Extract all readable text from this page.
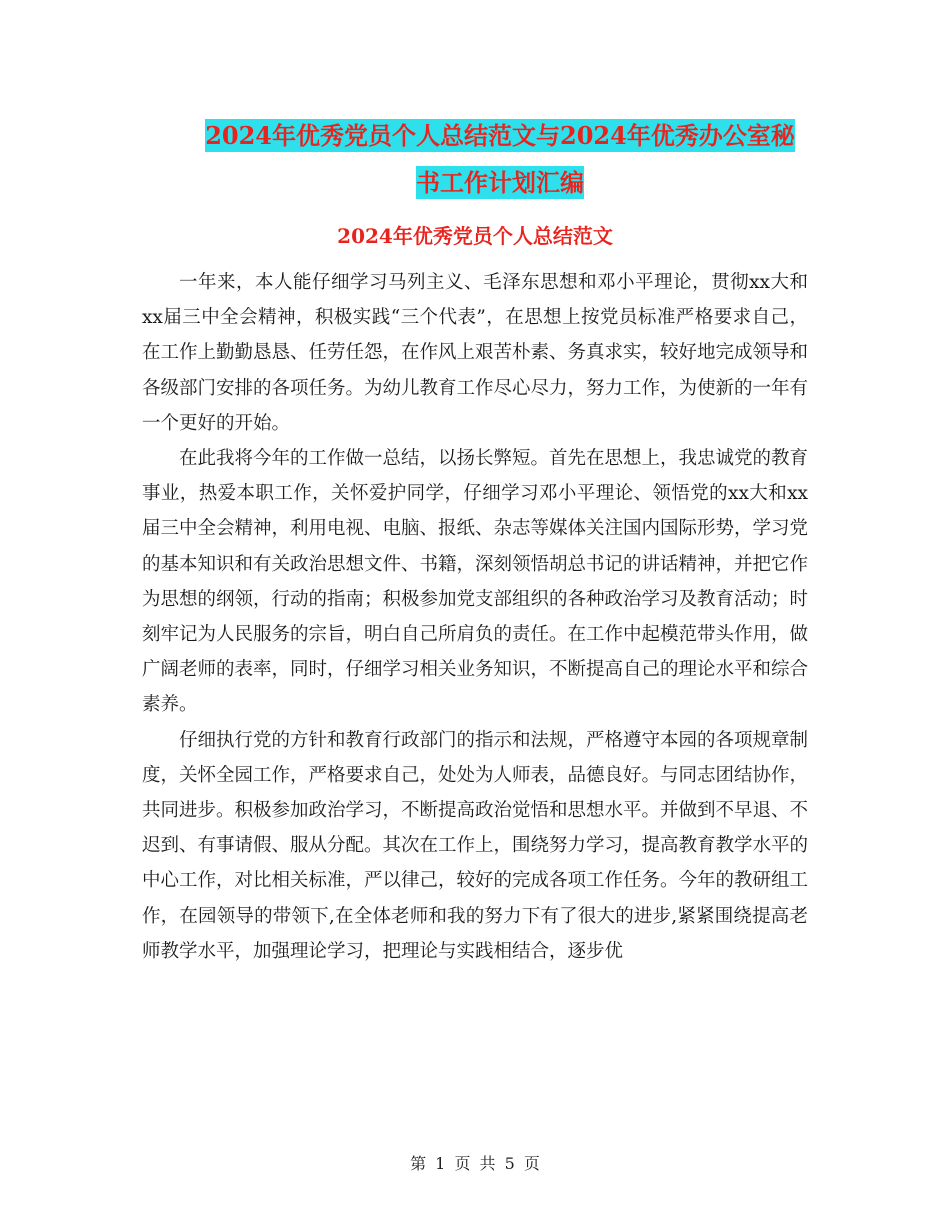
2024年优秀党员个人总结范文与2024年优秀办公室秘
书工作计划汇编
2024年优秀党员个人总结范文

一年来，本人能仔细学习马列主义、毛泽东思想和邓小平理论，贯彻xx大和xx届三中全会精神，积极实践“三个代表”，在思想上按党员标准严格要求自己，在工作上勤勤恳恳、任劳任怨，在作风上艰苦朴素、务真求实，较好地完成领导和各级部门安排的各项任务。为幼儿教育工作尽心尽力，努力工作，为使新的一年有一个更好的开始。

在此我将今年的工作做一总结，以扬长弊短。首先在思想上，我忠诚党的教育事业，热爱本职工作，关怀爱护同学，仔细学习邓小平理论、领悟党的xx大和xx届三中全会精神，利用电视、电脑、报纸、杂志等媒体关注国内国际形势，学习党的基本知识和有关政治思想文件、书籍，深刻领悟胡总书记的讲话精神，并把它作为思想的纲领，行动的指南；积极参加党支部组织的各种政治学习及教育活动；时刻牢记为人民服务的宗旨，明白自己所肩负的责任。在工作中起模范带头作用，做广阔老师的表率，同时，仔细学习相关业务知识，不断提高自己的理论水平和综合素养。

仔细执行党的方针和教育行政部门的指示和法规，严格遵守本园的各项规章制度，关怀全园工作，严格要求自己，处处为人师表，品德良好。与同志团结协作，共同进步。积极参加政治学习，不断提高政治觉悟和思想水平。并做到不早退、不迟到、有事请假、服从分配。其次在工作上，围绕努力学习，提高教育教学水平的中心工作，对比相关标准，严以律己，较好的完成各项工作任务。今年的教研组工作，在园领导的带领下,在全体老师和我的努力下有了很大的进步,紧紧围绕提高老师教学水平，加强理论学习，把理论与实践相结合，逐步优

第 1 页 共 5 页
